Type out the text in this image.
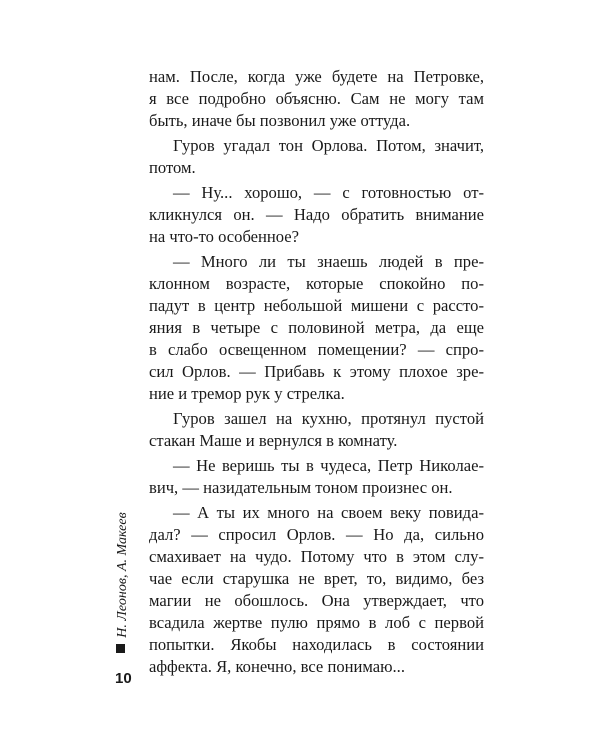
нам. После, когда уже будете на Петровке,
я все подробно объясню. Сам не могу там
быть, иначе бы позвонил уже оттуда.
Гуров угадал тон Орлова. Потом, значит,
потом.
— Ну... хорошо, — с готовностью от-
кликнулся он. — Надо обратить внимание
на что-то особенное?
— Много ли ты знаешь людей в пре-
клонном возрасте, которые спокойно по-
падут в центр небольшой мишени с рассто-
яния в четыре с половиной метра, да еще
в слабо освещенном помещении? — спро-
сил Орлов. — Прибавь к этому плохое зре-
ние и тремор рук у стрелка.
Гуров зашел на кухню, протянул пустой
стакан Маше и вернулся в комнату.
— Не веришь ты в чудеса, Петр Николае-
вич, — назидательным тоном произнес он.
— А ты их много на своем веку повида-
дал? — спросил Орлов. — Но да, сильно
смахивает на чудо. Потому что в этом слу-
чае если старушка не врет, то, видимо, без
магии не обошлось. Она утверждает, что
всадила жертве пулю прямо в лоб с первой
попытки. Якобы находилась в состоянии
аффекта. Я, конечно, все понимаю...
Н. Леонов, А. Макеев
10
